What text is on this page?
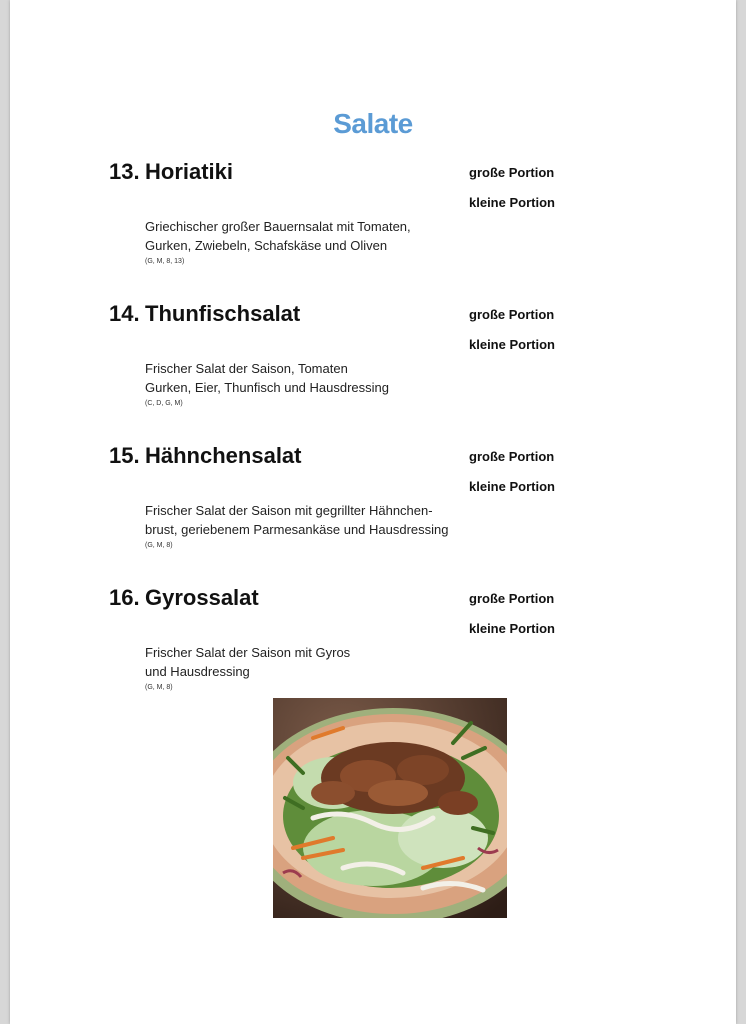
Salate
13. Horiatiki	große Portion
kleine Portion
Griechischer großer Bauernsalat mit Tomaten,
Gurken, Zwiebeln, Schafskäse und Oliven
(G, M, 8, 13)
14. Thunfischsalat	große Portion
kleine Portion
Frischer Salat der Saison, Tomaten
Gurken, Eier, Thunfisch und Hausdressing
(C, D, G, M)
15. Hähnchensalat	große Portion
kleine Portion
Frischer Salat der Saison mit gegrillter Hähnchen-
brust, geriebenem Parmesankäse und Hausdressing
(G, M, 8)
16. Gyrossalat	große Portion
kleine Portion
Frischer Salat der Saison mit Gyros
und Hausdressing
(G, M, 8)
